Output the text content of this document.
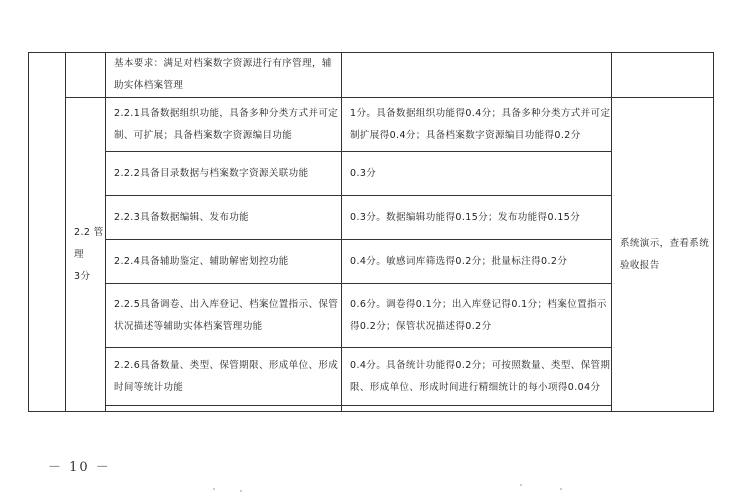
		基本要求：满足对档案数字资源进行有序管理，辅助实体档案管理		

	2.2 管
理
3分	2.2.1具备数据组织功能，具备多种分类方式并可定制、可扩展；具备档案数字资源编目功能	1分。具备数据组织功能得0.4分；具备多种分类方式并可定制扩展得0.4分；具备档案数字资源编目功能得0.2分	系统演示，查看系统验收报告
		2.2.2具备目录数据与档案数字资源关联功能	0.3分	
		2.2.3具备数据编辑、发布功能	0.3分。数据编辑功能得0.15分；发布功能得0.15分	
		2.2.4具备辅助鉴定、辅助解密划控功能	0.4分。敏感词库筛选得0.2分；批量标注得0.2分	
		2.2.5具备调卷、出入库登记、档案位置指示、保管状况描述等辅助实体档案管理功能	0.6分。调卷得0.1分；出入库登记得0.1分；档案位置指示得0.2分；保管状况描述得0.2分	
		2.2.6具备数量、类型、保管期限、形成单位、形成时间等统计功能	0.4分。具备统计功能得0.2分；可按照数量、类型、保管期限、形成单位、形成时间进行精细统计的每小项得0.04分	

－ 10 －
